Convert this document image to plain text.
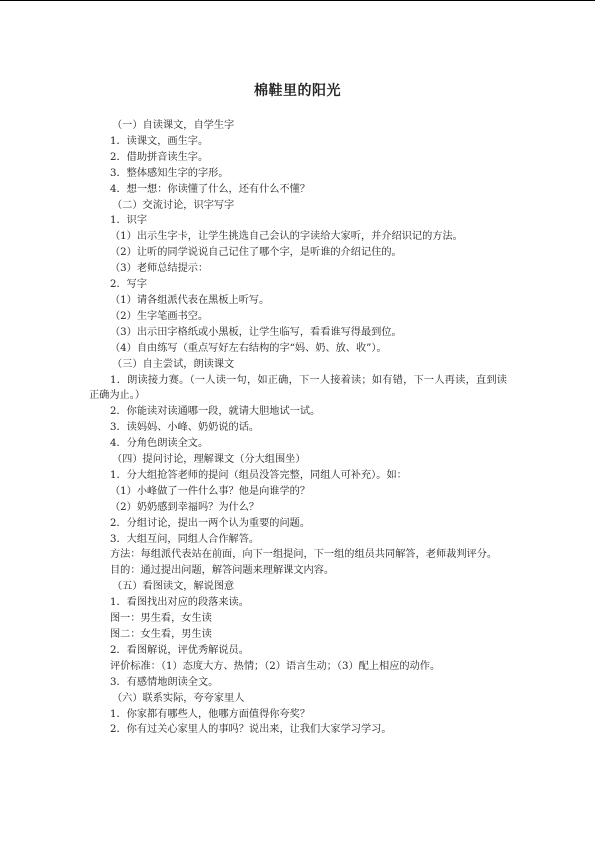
棉鞋里的阳光
（一）自读课文，自学生字
1．读课文，画生字。
2．借助拼音读生字。
3．整体感知生字的字形。
4．想一想：你读懂了什么，还有什么不懂？
（二）交流讨论，识字写字
1．识字
（1）出示生字卡，让学生挑选自己会认的字读给大家听，并介绍识记的方法。
（2）让听的同学说说自己记住了哪个字，是听谁的介绍记住的。
（3）老师总结提示：
2．写字
（1）请各组派代表在黑板上听写。
（2）生字笔画书空。
（3）出示田字格纸或小黑板，让学生临写，看看谁写得最到位。
（4）自由练写（重点写好左右结构的字“妈、奶、放、收”）。
（三）自主尝试，朗读课文
1．朗读接力赛。（一人读一句，如正确，下一人接着读；如有错，下一人再读，直到读正确为止。）
2．你能读对读通哪一段，就请大胆地试一试。
3．读妈妈、小峰、奶奶说的话。
4．分角色朗读全文。
（四）提问讨论，理解课文（分大组围坐）
1．分大组抢答老师的提问（组员没答完整，同组人可补充）。如：
（1）小峰做了一件什么事？他是向谁学的？
（2）奶奶感到幸福吗？为什么？
2．分组讨论，提出一两个认为重要的问题。
3．大组互问，同组人合作解答。
方法：每组派代表站在前面，向下一组提问，下一组的组员共同解答，老师裁判评分。
目的：通过提出问题，解答问题来理解课文内容。
（五）看图读文，解说图意
1．看图找出对应的段落来读。
图一：男生看，女生读
图二：女生看，男生读
2．看图解说，评优秀解说员。
评价标准：（1）态度大方、热情；（2）语言生动；（3）配上相应的动作。
3．有感情地朗读全文。
（六）联系实际，夸夸家里人
1．你家都有哪些人，他哪方面值得你夸奖？
2．你有过关心家里人的事吗？说出来，让我们大家学习学习。
